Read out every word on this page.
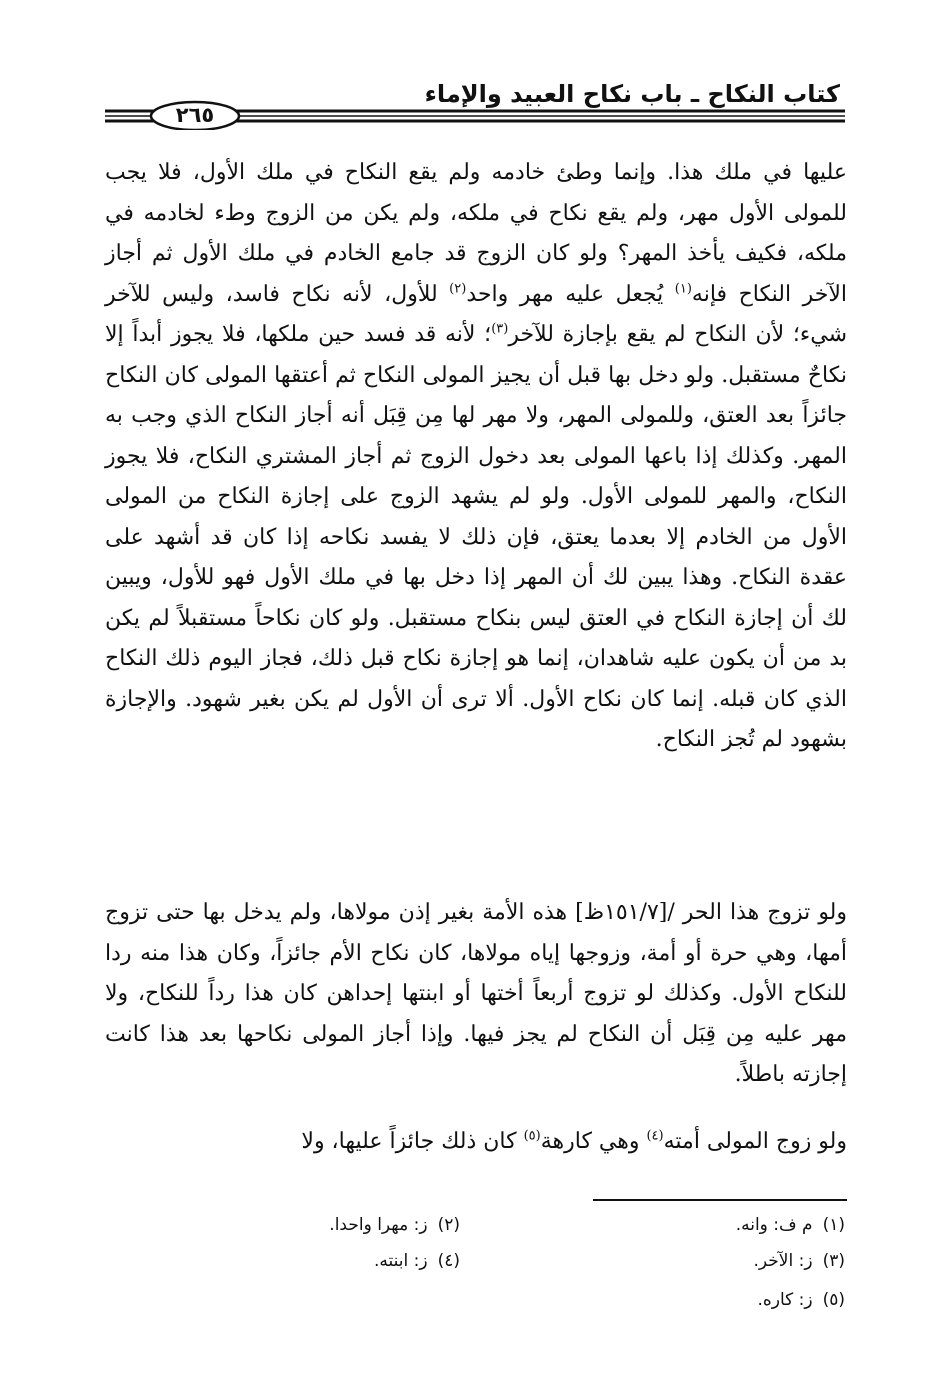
كتاب النكاح ـ باب نكاح العبيد والإماء
٢٦٥
عليها في ملك هذا. وإنما وطئ خادمه ولم يقع النكاح في ملك الأول، فلا يجب للمولى الأول مهر، ولم يقع نكاح في ملكه، ولم يكن من الزوج وطء لخادمه في ملكه، فكيف يأخذ المهر؟ ولو كان الزوج قد جامع الخادم في ملك الأول ثم أجاز الآخر النكاح فإنه$^{(١)}$ يُجعل عليه مهر واحد$^{(٢)}$ للأول، لأنه نكاح فاسد، وليس للآخر شيء؛ لأن النكاح لم يقع بإجازة للآخر$^{(٣)}$؛ لأنه قد فسد حين ملكها، فلا يجوز أبداً إلا نكاحٌ مستقبل. ولو دخل بها قبل أن يجيز المولى النكاح ثم أعتقها المولى كان النكاح جائزاً بعد العتق، وللمولى المهر، ولا مهر لها مِن قِبَل أنه أجاز النكاح الذي وجب به المهر. وكذلك إذا باعها المولى بعد دخول الزوج ثم أجاز المشتري النكاح، فلا يجوز النكاح، والمهر للمولى الأول. ولو لم يشهد الزوج على إجازة النكاح من المولى الأول من الخادم إلا بعدما يعتق، فإن ذلك لا يفسد نكاحه إذا كان قد أشهد على عقدة النكاح. وهذا يبين لك أن المهر إذا دخل بها في ملك الأول فهو للأول، ويبين لك أن إجازة النكاح في العتق ليس بنكاح مستقبل. ولو كان نكاحاً مستقبلاً لم يكن بد من أن يكون عليه شاهدان، إنما هو إجازة نكاح قبل ذلك، فجاز اليوم ذلك النكاح الذي كان قبله. إنما كان نكاح الأول. ألا ترى أن الأول لم يكن بغير شهود. والإجازة بشهود لم تُجز النكاح.
ولو تزوج هذا الحر /[١٥١/٧ظ] هذه الأمة بغير إذن مولاها، ولم يدخل بها حتى تزوج أمها، وهي حرة أو أمة، وزوجها إياه مولاها، كان نكاح الأم جائزاً، وكان هذا منه ردا للنكاح الأول. وكذلك لو تزوج أربعاً أختها أو ابنتها إحداهن كان هذا رداً للنكاح، ولا مهر عليه مِن قِبَل أن النكاح لم يجز فيها. وإذا أجاز المولى نكاحها بعد هذا كانت إجازته باطلاً.
ولو زوج المولى أمته$^{(٤)}$ وهي كارهة$^{(٥)}$ كان ذلك جائزاً عليها، ولا
(١)م ف: وانه.
(٢)ز: مهرا واحدا.
(٣)ز: الآخر.
(٤)ز: ابنته.
(٥)ز: كاره.
